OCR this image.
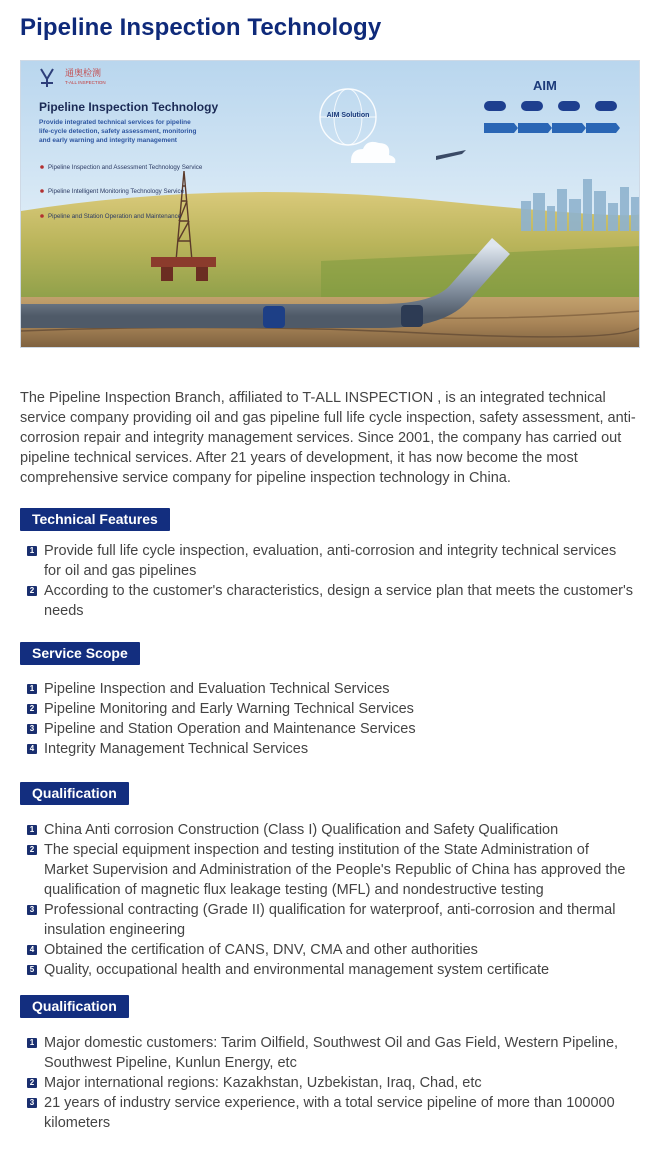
Pipeline Inspection Technology
通奥检测
T-ALL INSPECTION
Pipeline Inspection Technology
Provide integrated technical services for pipeline
life-cycle detection, safety assessment, monitoring
and early warning and integrity management
Pipeline Inspection and Assessment Technology Service
Pipeline Intelligent Monitoring Technology Service
Pipeline and Station Operation and Maintenance
AIM Solution
AIM
The Pipeline Inspection Branch, affiliated to T-ALL INSPECTION , is an integrated technical service company providing oil and gas pipeline full life cycle inspection, safety assessment, anti-corrosion repair and integrity management services. Since 2001, the company has carried out pipeline technical services. After 21 years of development, it has now become the most comprehensive service company for pipeline inspection technology in China.
Technical Features
1 Provide full life cycle inspection, evaluation, anti-corrosion and integrity technical services for oil and gas pipelines
2 According to the customer's characteristics, design a service plan that meets the customer's needs
Service Scope
1 Pipeline Inspection and Evaluation Technical Services
2 Pipeline Monitoring and Early Warning Technical Services
3 Pipeline and Station Operation and Maintenance Services
4 Integrity Management Technical Services
Qualification
1 China Anti corrosion Construction (Class I) Qualification and Safety Qualification
2 The special equipment inspection and testing institution of the State Administration of Market Supervision and Administration of the People's Republic of China has approved the qualification of magnetic flux leakage testing (MFL) and nondestructive testing
3 Professional contracting (Grade II) qualification for waterproof, anti-corrosion and thermal insulation engineering
4 Obtained the certification of CANS, DNV, CMA and other authorities
5 Quality, occupational health and environmental management system certificate
Qualification
1 Major domestic customers: Tarim Oilfield, Southwest Oil and Gas Field, Western Pipeline, Southwest Pipeline, Kunlun Energy, etc
2 Major international regions: Kazakhstan, Uzbekistan, Iraq, Chad, etc
3 21 years of industry service experience, with a total service pipeline of more than 100000 kilometers
